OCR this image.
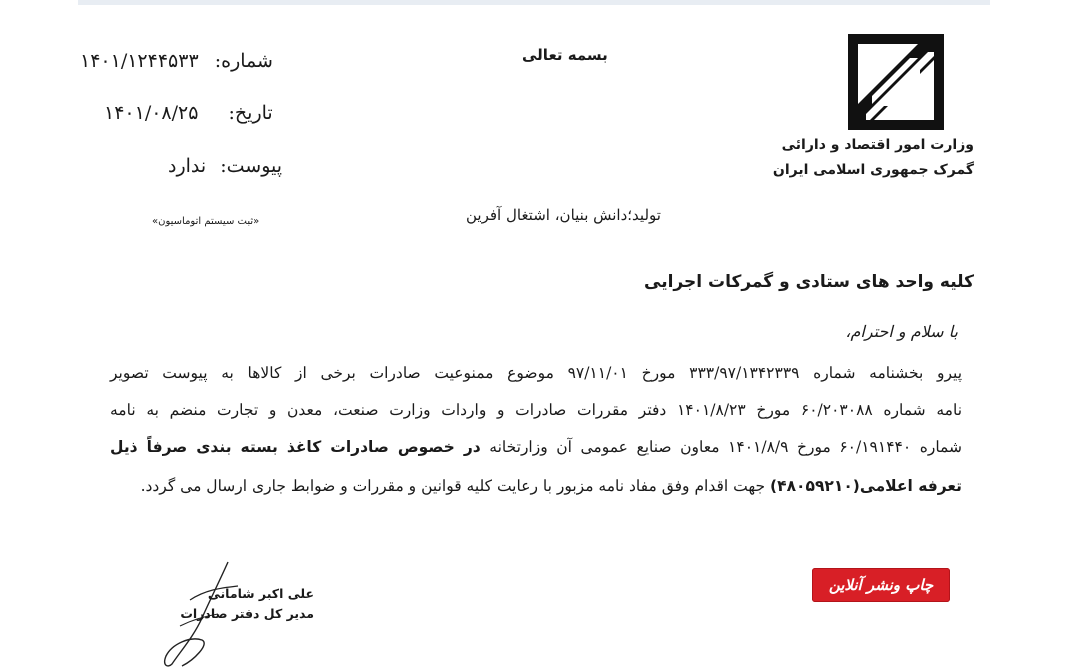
وزارت امور اقتصاد و دارائی
گمرک جمهوری اسلامی ایران
بسمه تعالی
شماره: ۱۴۰۱/۱۲۴۴۵۳۳
تاریخ: ۱۴۰۱/۰۸/۲۵
پیوست: ندارد
«ثبت سیستم اتوماسیون»	تولید؛دانش بنیان، اشتغال آفرین
کلیه واحد های ستادی و گمرکات اجرایی
با سلام و احترام،
پیرو بخشنامه شماره ۳۳۳/۹۷/۱۳۴۲۳۳۹ مورخ ۹۷/۱۱/۰۱ موضوع ممنوعیت صادرات برخی از کالاها به پیوست تصویر
نامه شماره ۶۰/۲۰۳۰۸۸ مورخ ۱۴۰۱/۸/۲۳ دفتر مقررات صادرات و واردات وزارت صنعت، معدن و تجارت منضم به نامه
شماره ۶۰/۱۹۱۴۴۰ مورخ ۱۴۰۱/۸/۹ معاون صنایع عمومی آن وزارتخانه در خصوص صادرات کاغذ بسته بندی صرفاً ذیل
تعرفه اعلامی(۴۸۰۵۹۲۱۰) جهت اقدام وفق مفاد نامه مزبور با رعایت کلیه قوانین و مقررات و ضوابط جاری ارسال می گردد.
علی اکبر شامانی
مدیر کل دفتر صادرات
چاپ ونشر آنلاین
